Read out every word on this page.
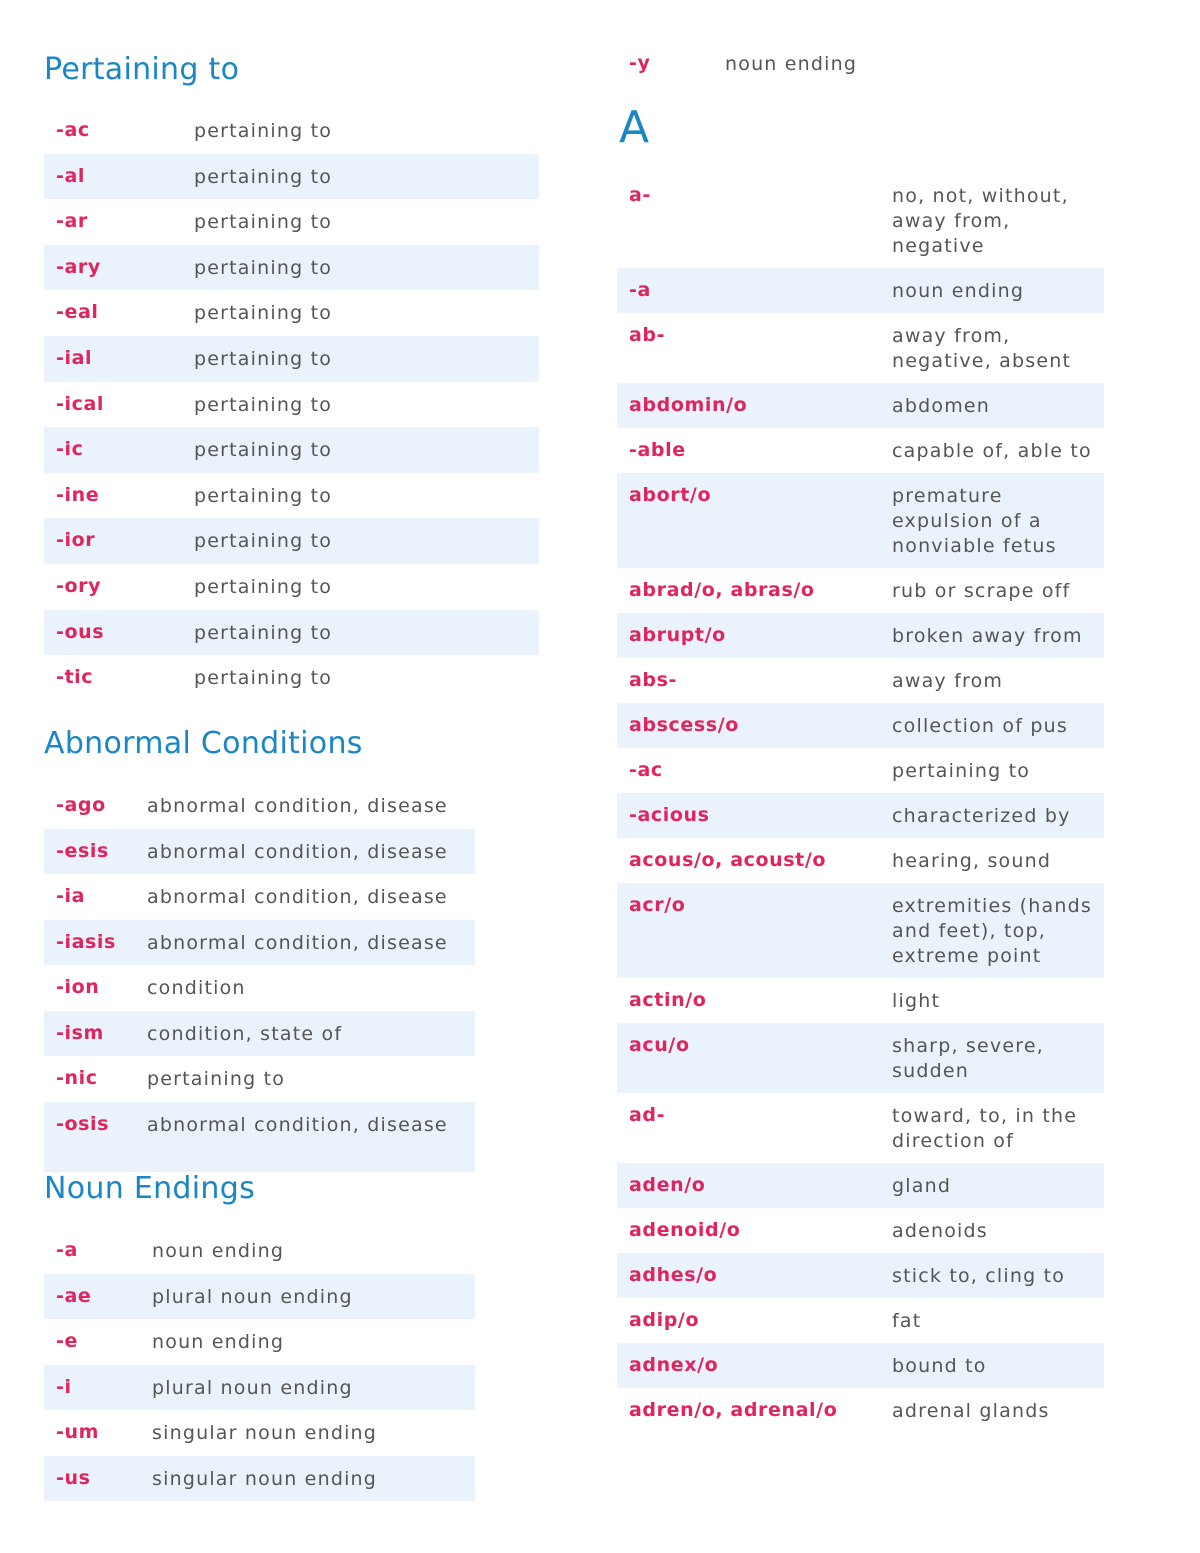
Pertaining to
-ac	pertaining to
-al	pertaining to
-ar	pertaining to
-ary	pertaining to
-eal	pertaining to
-ial	pertaining to
-ical	pertaining to
-ic	pertaining to
-ine	pertaining to
-ior	pertaining to
-ory	pertaining to
-ous	pertaining to
-tic	pertaining to
Abnormal Conditions
-ago	abnormal condition, disease
-esis	abnormal condition, disease
-ia	abnormal condition, disease
-iasis	abnormal condition, disease
-ion	condition
-ism	condition, state of
-nic	pertaining to
-osis	abnormal condition, disease
Noun Endings
-a	noun ending
-ae	plural noun ending
-e	noun ending
-i	plural noun ending
-um	singular noun ending
-us	singular noun ending
-y	noun ending
A
a-	no, not, without, away from, negative
-a	noun ending
ab-	away from, negative, absent
abdomin/o	abdomen
-able	capable of, able to
abort/o	premature expulsion of a nonviable fetus
abrad/o, abras/o	rub or scrape off
abrupt/o	broken away from
abs-	away from
abscess/o	collection of pus
-ac	pertaining to
-acious	characterized by
acous/o, acoust/o	hearing, sound
acr/o	extremities (hands and feet), top, extreme point
actin/o	light
acu/o	sharp, severe, sudden
ad-	toward, to, in the direction of
aden/o	gland
adenoid/o	adenoids
adhes/o	stick to, cling to
adip/o	fat
adnex/o	bound to
adren/o, adrenal/o	adrenal glands
